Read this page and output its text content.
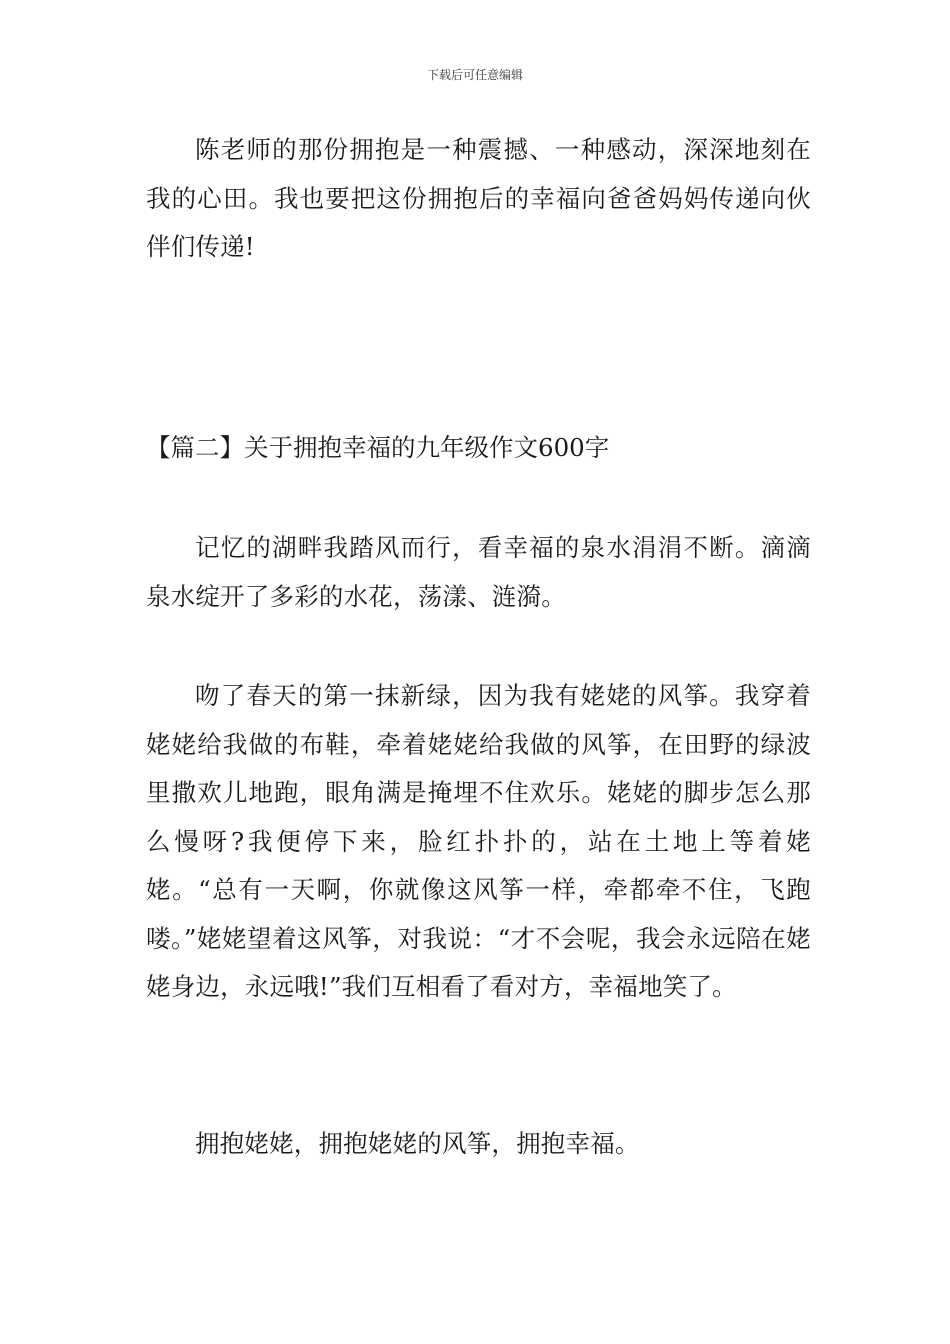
下载后可任意编辑

陈老师的那份拥抱是一种震撼、一种感动，深深地刻在我的心田。我也要把这份拥抱后的幸福向爸爸妈妈传递向伙伴们传递!

【篇二】关于拥抱幸福的九年级作文600字

记忆的湖畔我踏风而行，看幸福的泉水涓涓不断。滴滴泉水绽开了多彩的水花，荡漾、涟漪。

吻了春天的第一抹新绿，因为我有姥姥的风筝。我穿着姥姥给我做的布鞋，牵着姥姥给我做的风筝，在田野的绿波里撒欢儿地跑，眼角满是掩埋不住欢乐。姥姥的脚步怎么那么慢呀?我便停下来，脸红扑扑的，站在土地上等着姥姥。“总有一天啊，你就像这风筝一样，牵都牵不住，飞跑喽。”姥姥望着这风筝，对我说：“才不会呢，我会永远陪在姥姥身边，永远哦!”我们互相看了看对方，幸福地笑了。

拥抱姥姥，拥抱姥姥的风筝，拥抱幸福。
